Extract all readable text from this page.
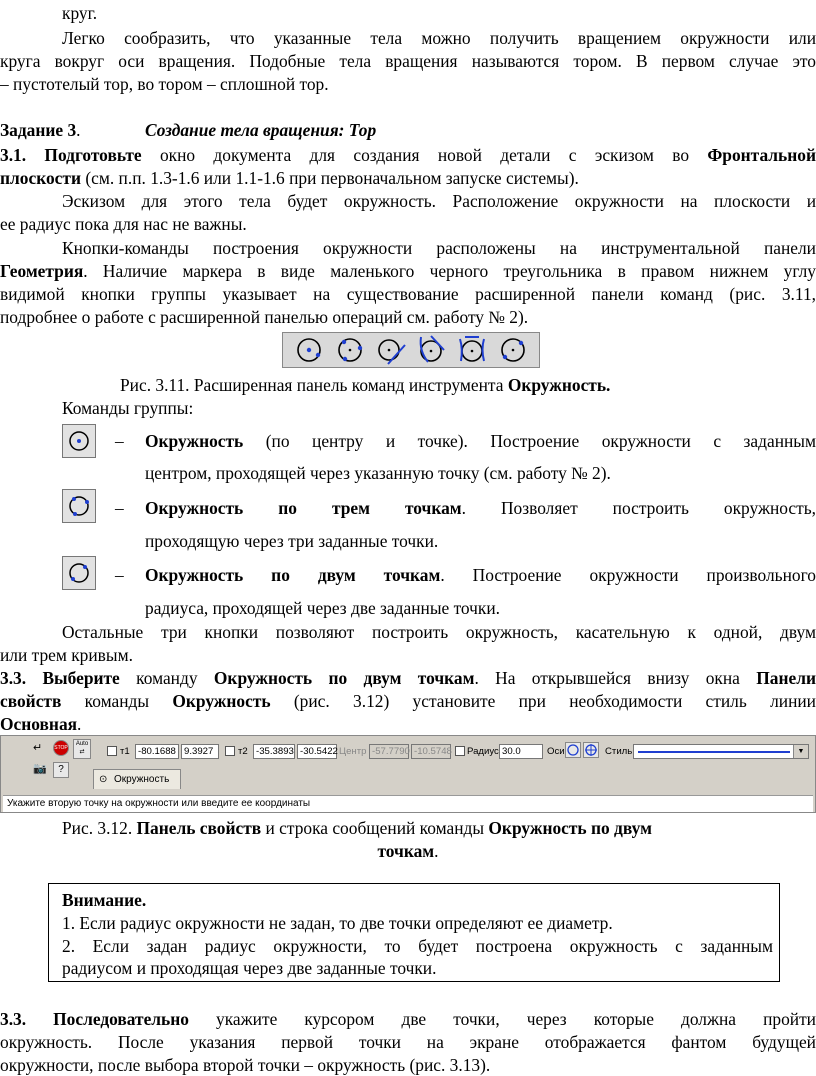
круг.
Легко сообразить, что указанные тела можно получить вращением окружности или
круга вокруг оси вращения. Подобные тела вращения называются тором. В первом случае это
– пустотелый тор, во тором – сплошной тор.
Задание 3.	Создание тела вращения: Тор
3.1. Подготовьте окно документа для создания новой детали с эскизом во Фронтальной
плоскости (см. п.п. 1.3-1.6 или 1.1-1.6 при первоначальном запуске системы).
Эскизом для этого тела будет окружность. Расположение окружности на плоскости и
ее радиус пока для нас не важны.
Кнопки-команды построения окружности расположены на инструментальной панели
Геометрия. Наличие маркера в виде маленького черного треугольника в правом нижнем углу
видимой кнопки группы указывает на существование расширенной панели команд (рис. 3.11,
подробнее о работе с расширенной панелью операций см. работу № 2).
Рис. 3.11. Расширенная панель команд инструмента Окружность.
Команды группы:
– Окружность (по центру и точке). Построение окружности с заданным
центром, проходящей через указанную точку (см. работу № 2).
– Окружность по трем точкам. Позволяет построить окружность,
проходящую через три заданные точки.
– Окружность по двум точкам. Построение окружности произвольного
радиуса, проходящей через две заданные точки.
Остальные три кнопки позволяют построить окружность, касательную к одной, двум
или трем кривым.
3.3. Выберите команду Окружность по двум точкам. На открывшейся внизу окна Панели
свойств команды Окружность (рис. 3.12) установите при необходимости стиль линии
Основная.
↵	STOP
Auto
⇄
📷	?
т1 -80.1688 9.3927	т2 -35.3893 -30.5422 Центр -57.7790 -10.5748 Радиус 30.0	Оси	Стиль	▼
⊙ Окружность
Укажите вторую точку на окружности или введите ее координаты
Рис. 3.12. Панель свойств и строка сообщений команды Окружность по двум
точкам.
Внимание.
1. Если радиус окружности не задан, то две точки определяют ее диаметр.
2. Если задан радиус окружности, то будет построена окружность с заданным
радиусом и проходящая через две заданные точки.
3.3. Последовательно укажите курсором две точки, через которые должна пройти
окружность. После указания первой точки на экране отображается фантом будущей
окружности, после выбора второй точки – окружность (рис. 3.13).
